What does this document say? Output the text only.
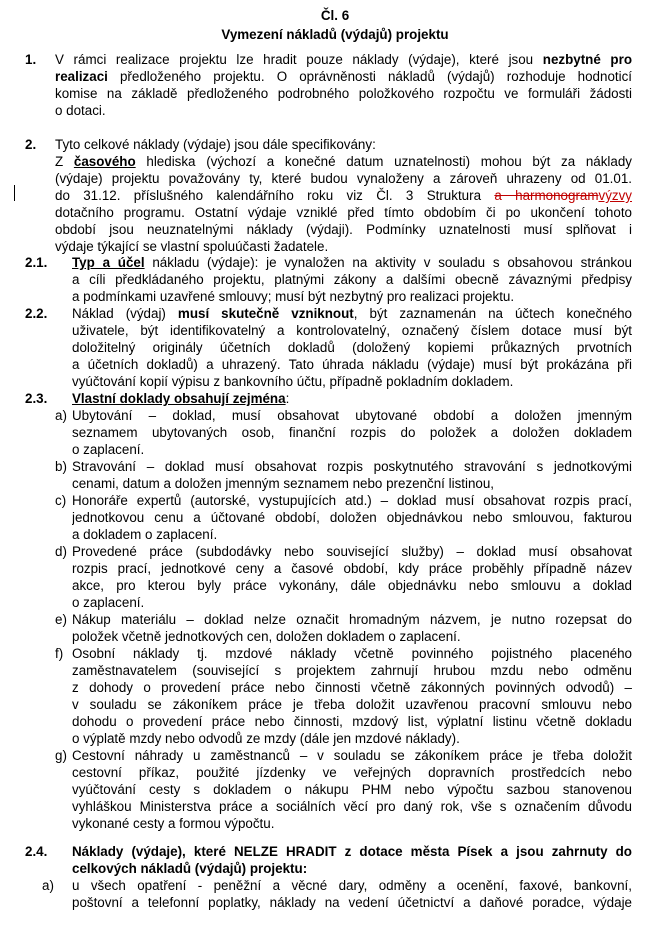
Čl. 6
Vymezení nákladů (výdajů) projektu
1. V rámci realizace projektu lze hradit pouze náklady (výdaje), které jsou nezbytné pro
realizaci předloženého projektu. O oprávněnosti nákladů (výdajů) rozhoduje hodnoticí
komise na základě předloženého podrobného položkového rozpočtu ve formuláři žádosti
o dotaci.
2. Tyto celkové náklady (výdaje) jsou dále specifikovány:
Z časového hlediska (výchozí a konečné datum uznatelnosti) mohou být za náklady
(výdaje) projektu považovány ty, které budou vynaloženy a zároveň uhrazeny od 01.01.
do 31.12. příslušného kalendářního roku viz Čl. 3 Struktura a harmonogramvýzvy
dotačního programu. Ostatní výdaje vzniklé před tímto obdobím či po ukončení tohoto
období jsou neuznatelnými náklady (výdaji). Podmínky uznatelnosti musí splňovat i
výdaje týkající se vlastní spoluúčasti žadatele.
2.1. Typ a účel nákladu (výdaje): je vynaložen na aktivity v souladu s obsahovou stránkou
a cíli předkládaného projektu, platnými zákony a dalšími obecně závaznými předpisy
a podmínkami uzavřené smlouvy; musí být nezbytný pro realizaci projektu.
2.2. Náklad (výdaj) musí skutečně vzniknout, být zaznamenán na účtech konečného
uživatele, být identifikovatelný a kontrolovatelný, označený číslem dotace musí být
doložitelný originály účetních dokladů (doložený kopiemi průkazných prvotních
a účetních dokladů) a uhrazený. Tato úhrada nákladu (výdaje) musí být prokázána při
vyúčtování kopií výpisu z bankovního účtu, případně pokladním dokladem.
2.3. Vlastní doklady obsahují zejména:
a) Ubytování – doklad, musí obsahovat ubytované období a doložen jmenným
seznamem ubytovaných osob, finanční rozpis do položek a doložen dokladem
o zaplacení.
b) Stravování – doklad musí obsahovat rozpis poskytnutého stravování s jednotkovými
cenami, datum a doložen jmenným seznamem nebo prezenční listinou,
c) Honoráře expertů (autorské, vystupujících atd.) – doklad musí obsahovat rozpis prací,
jednotkovou cenu a účtované období, doložen objednávkou nebo smlouvou, fakturou
a dokladem o zaplacení.
d) Provedené práce (subdodávky nebo související služby) – doklad musí obsahovat
rozpis prací, jednotkové ceny a časové období, kdy práce proběhly případně název
akce, pro kterou byly práce vykonány, dále objednávku nebo smlouvu a doklad
o zaplacení.
e) Nákup materiálu – doklad nelze označit hromadným názvem, je nutno rozepsat do
položek včetně jednotkových cen, doložen dokladem o zaplacení.
f) Osobní náklady tj. mzdové náklady včetně povinného pojistného placeného
zaměstnavatelem (související s projektem zahrnují hrubou mzdu nebo odměnu
z dohody o provedení práce nebo činnosti včetně zákonných povinných odvodů) –
v souladu se zákoníkem práce je třeba doložit uzavřenou pracovní smlouvu nebo
dohodu o provedení práce nebo činnosti, mzdový list, výplatní listinu včetně dokladu
o výplatě mzdy nebo odvodů ze mzdy (dále jen mzdové náklady).
g) Cestovní náhrady u zaměstnanců – v souladu se zákoníkem práce je třeba doložit
cestovní příkaz, použité jízdenky ve veřejných dopravních prostředcích nebo
vyúčtování cesty s dokladem o nákupu PHM nebo výpočtu sazbou stanovenou
vyhláškou Ministerstva práce a sociálních věcí pro daný rok, vše s označením důvodu
vykonané cesty a formou výpočtu.
2.4. Náklady (výdaje), které NELZE HRADIT z dotace města Písek a jsou zahrnuty do
celkových nákladů (výdajů) projektu:
a) u všech opatření - peněžní a věcné dary, odměny a ocenění, faxové, bankovní,
poštovní a telefonní poplatky, náklady na vedení účetnictví a daňové poradce, výdaje
